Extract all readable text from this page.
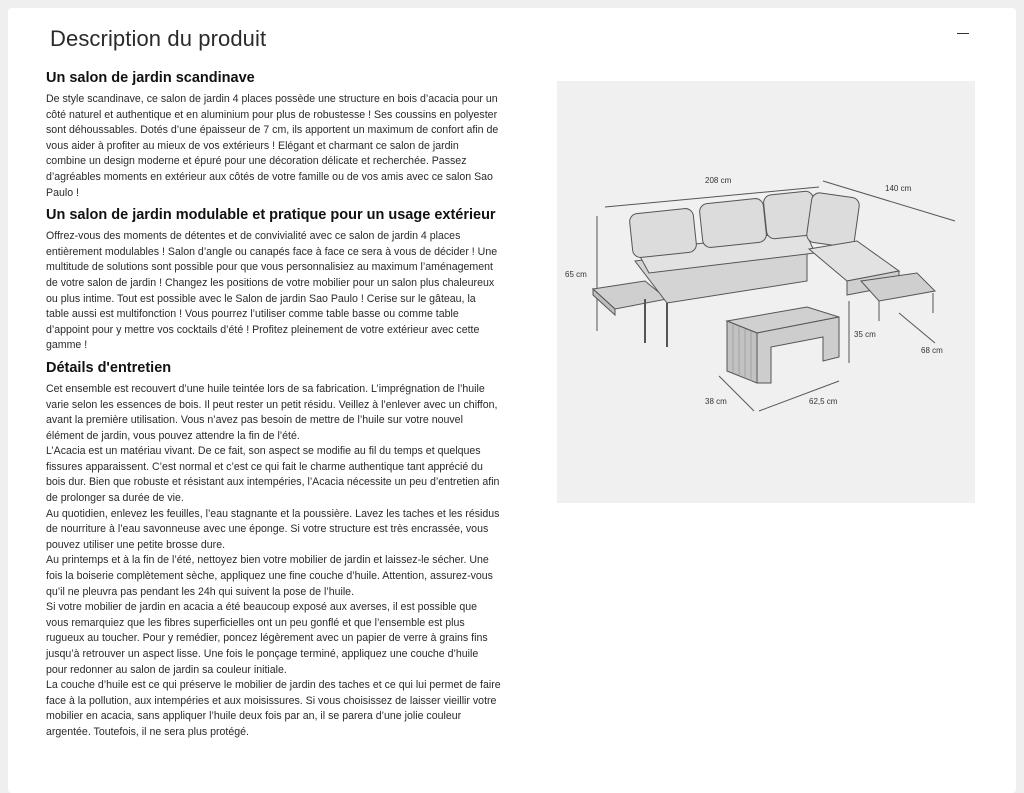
Description du produit
Un salon de jardin scandinave

De style scandinave, ce salon de jardin 4 places possède une structure en bois d’acacia pour un côté naturel et authentique et en aluminium pour plus de robustesse ! Ses coussins en polyester sont déhoussables. Dotés d’une épaisseur de 7 cm, ils apportent un maximum de confort afin de vous aider à profiter au mieux de vos extérieurs ! Elégant et charmant ce salon de jardin combine un design moderne et épuré pour une décoration délicate et recherchée. Passez d’agréables moments en extérieur aux côtés de votre famille ou de vos amis avec ce salon Sao Paulo !

Un salon de jardin modulable et pratique pour un usage extérieur

Offrez-vous des moments de détentes et de convivialité avec ce salon de jardin 4 places entièrement modulables ! Salon d’angle ou canapés face à face ce sera à vous de décider ! Une multitude de solutions sont possible pour que vous personnalisiez au maximum l’aménagement de votre salon de jardin ! Changez les positions de votre mobilier pour un salon plus chaleureux ou plus intime. Tout est possible avec le Salon de jardin Sao Paulo ! Cerise sur le gâteau, la table aussi est multifonction ! Vous pourrez l’utiliser comme table basse ou comme table d’appoint pour y mettre vos cocktails d’été ! Profitez pleinement de votre extérieur avec cette gamme !

Détails d'entretien

Cet ensemble est recouvert d’une huile teintée lors de sa fabrication. L’imprégnation de l’huile varie selon les essences de bois. Il peut rester un petit résidu. Veillez à l’enlever avec un chiffon, avant la première utilisation. Vous n’avez pas besoin de mettre de l’huile sur votre nouvel élément de jardin, vous pouvez attendre la fin de l’été.

L’Acacia est un matériau vivant. De ce fait, son aspect se modifie au fil du temps et quelques fissures apparaissent. C’est normal et c’est ce qui fait le charme authentique tant apprécié du bois dur. Bien que robuste et résistant aux intempéries, l’Acacia nécessite un peu d’entretien afin de prolonger sa durée de vie.

Au quotidien, enlevez les feuilles, l’eau stagnante et la poussière. Lavez les taches et les résidus de nourriture à l’eau savonneuse avec une éponge. Si votre structure est très encrassée, vous pouvez utiliser une petite brosse dure.

Au printemps et à la fin de l’été, nettoyez bien votre mobilier de jardin et laissez-le sécher. Une fois la boiserie complètement sèche, appliquez une fine couche d’huile. Attention, assurez-vous qu’il ne pleuvra pas pendant les 24h qui suivent la pose de l’huile.

Si votre mobilier de jardin en acacia a été beaucoup exposé aux averses, il est possible que vous remarquiez que les fibres superficielles ont un peu gonflé et que l’ensemble est plus rugueux au toucher. Pour y remédier, poncez légèrement avec un papier de verre à grains fins jusqu’à retrouver un aspect lisse. Une fois le ponçage terminé, appliquez une couche d’huile pour redonner au salon de jardin sa couleur initiale.

La couche d’huile est ce qui préserve le mobilier de jardin des taches et ce qui lui permet de faire face à la pollution, aux intempéries et aux moisissures. Si vous choisissez de laisser vieillir votre mobilier en acacia, sans appliquer l’huile deux fois par an, il se parera d’une jolie couleur argentée. Toutefois, il ne sera plus protégé.

208 cm
140 cm
65 cm
35 cm
68 cm
38 cm	62,5 cm
